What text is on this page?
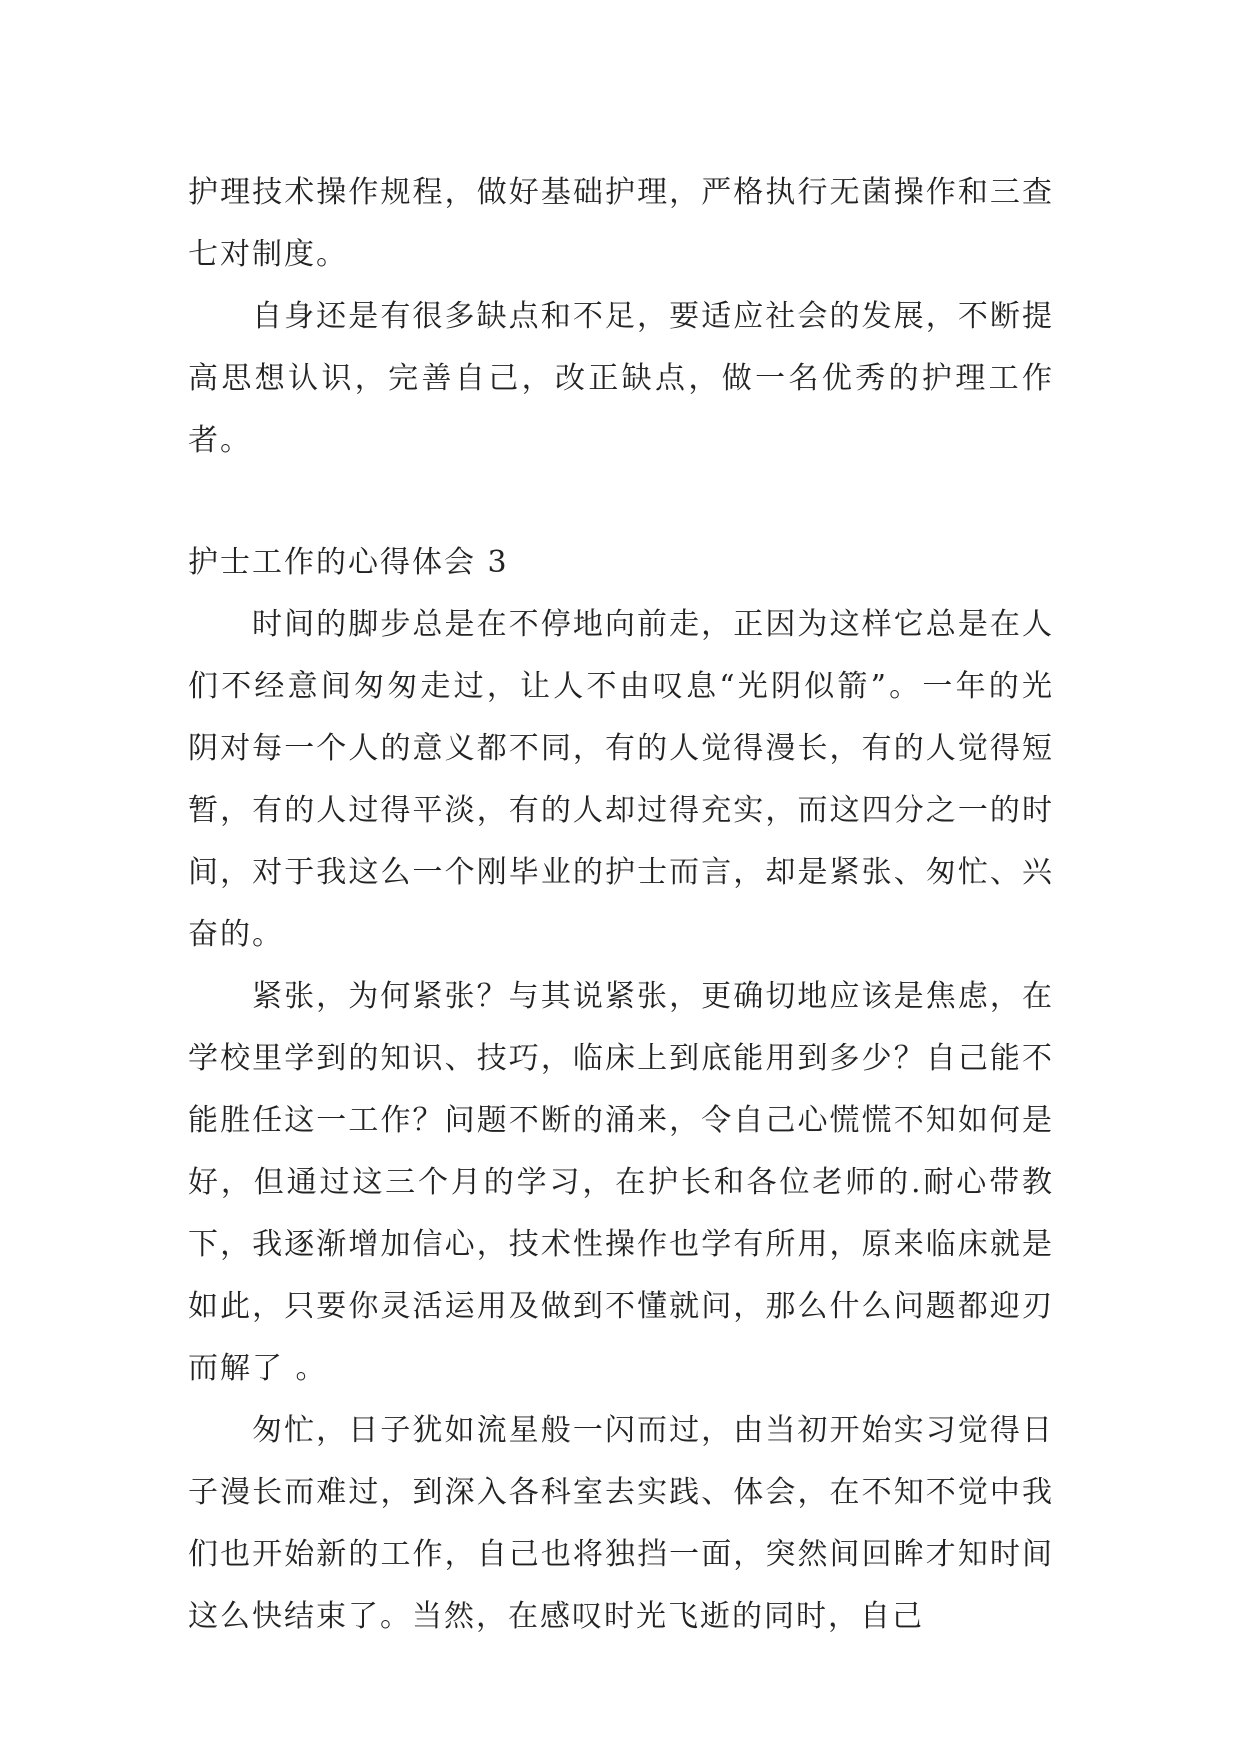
护理技术操作规程，做好基础护理，严格执行无菌操作和三查七对制度。

自身还是有很多缺点和不足，要适应社会的发展，不断提高思想认识，完善自己，改正缺点，做一名优秀的护理工作者。

护士工作的心得体会 3

时间的脚步总是在不停地向前走，正因为这样它总是在人们不经意间匆匆走过，让人不由叹息“光阴似箭”。一年的光阴对每一个人的意义都不同，有的人觉得漫长，有的人觉得短暂，有的人过得平淡，有的人却过得充实，而这四分之一的时间，对于我这么一个刚毕业的护士而言，却是紧张、匆忙、兴奋的。

紧张，为何紧张？与其说紧张，更确切地应该是焦虑，在学校里学到的知识、技巧，临床上到底能用到多少？自己能不能胜任这一工作？问题不断的涌来，令自己心慌慌不知如何是好，但通过这三个月的学习，在护长和各位老师的.耐心带教下，我逐渐增加信心，技术性操作也学有所用，原来临床就是如此，只要你灵活运用及做到不懂就问，那么什么问题都迎刃而解了 。

匆忙，日子犹如流星般一闪而过，由当初开始实习觉得日子漫长而难过，到深入各科室去实践、体会，在不知不觉中我们也开始新的工作，自己也将独挡一面，突然间回眸才知时间这么快结束了。当然，在感叹时光飞逝的同时，自己
